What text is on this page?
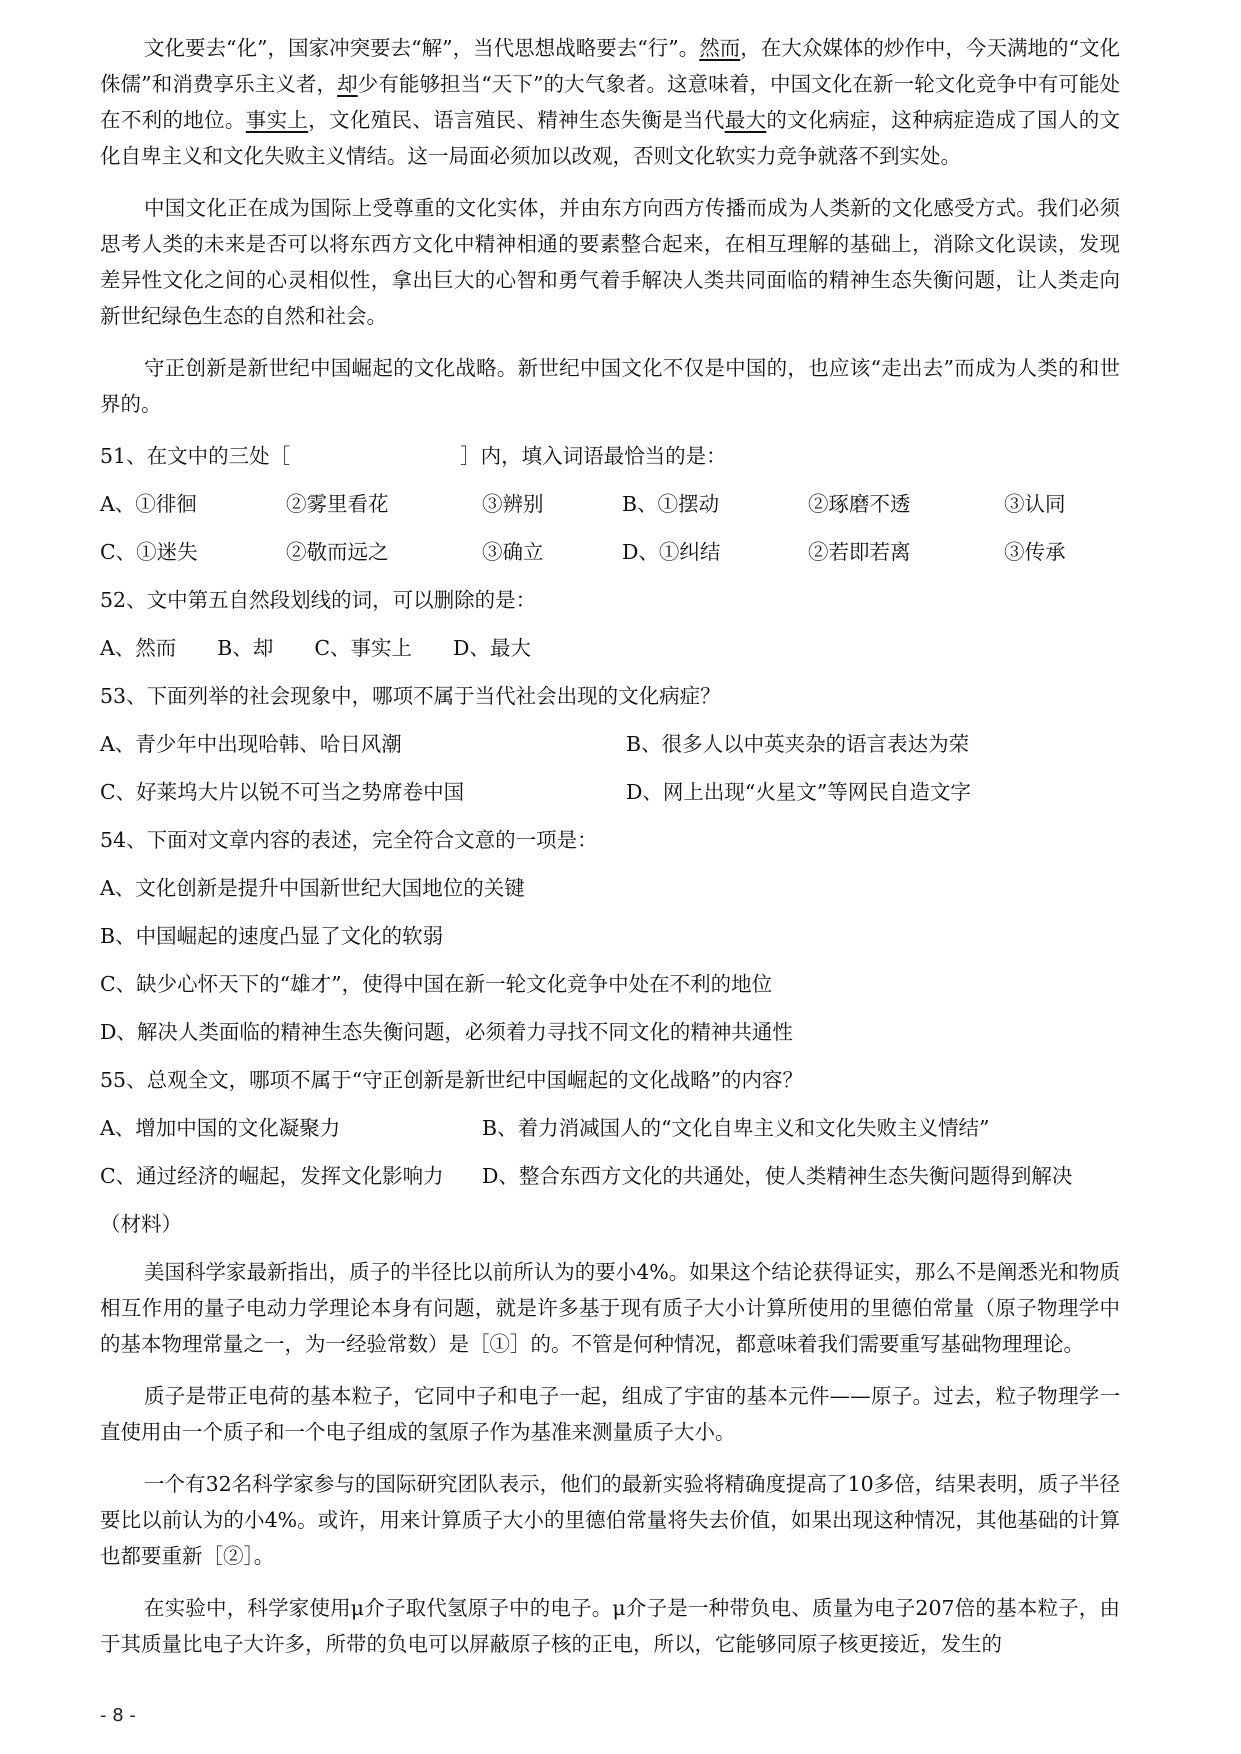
文化要去“化”，国家冲突要去“解”，当代思想战略要去“行”。然而，在大众媒体的炒作中，今天满地的“文化侏儒”和消费享乐主义者，却少有能够担当“天下”的大气象者。这意味着，中国文化在新一轮文化竞争中有可能处在不利的地位。事实上，文化殖民、语言殖民、精神生态失衡是当代最大的文化病症，这种病症造成了国人的文化自卑主义和文化失败主义情结。这一局面必须加以改观，否则文化软实力竞争就落不到实处。

中国文化正在成为国际上受尊重的文化实体，并由东方向西方传播而成为人类新的文化感受方式。我们必须思考人类的未来是否可以将东西方文化中精神相通的要素整合起来，在相互理解的基础上，消除文化误读，发现差异性文化之间的心灵相似性，拿出巨大的心智和勇气着手解决人类共同面临的精神生态失衡问题，让人类走向新世纪绿色生态的自然和社会。

守正创新是新世纪中国崛起的文化战略。新世纪中国文化不仅是中国的，也应该“走出去”而成为人类的和世界的。

51、在文中的三处［	］内，填入词语最恰当的是：
A、①徘徊	②雾里看花	③辨别	B、①摆动	②琢磨不透	③认同
C、①迷失	②敬而远之	③确立	D、①纠结	②若即若离	③传承
52、文中第五自然段划线的词，可以删除的是：
A、然而　　B、却　　C、事实上　　D、最大
53、下面列举的社会现象中，哪项不属于当代社会出现的文化病症？
A、青少年中出现哈韩、哈日风潮	B、很多人以中英夹杂的语言表达为荣
C、好莱坞大片以锐不可当之势席卷中国	D、网上出现“火星文”等网民自造文字
54、下面对文章内容的表述，完全符合文意的一项是：
A、文化创新是提升中国新世纪大国地位的关键
B、中国崛起的速度凸显了文化的软弱
C、缺少心怀天下的“雄才”，使得中国在新一轮文化竞争中处在不利的地位
D、解决人类面临的精神生态失衡问题，必须着力寻找不同文化的精神共通性
55、总观全文，哪项不属于“守正创新是新世纪中国崛起的文化战略”的内容？
A、增加中国的文化凝聚力	B、着力消减国人的“文化自卑主义和文化失败主义情结”
C、通过经济的崛起，发挥文化影响力	D、整合东西方文化的共通处，使人类精神生态失衡问题得到解决
（材料）

美国科学家最新指出，质子的半径比以前所认为的要小4%。如果这个结论获得证实，那么不是阐悉光和物质相互作用的量子电动力学理论本身有问题，就是许多基于现有质子大小计算所使用的里德伯常量（原子物理学中的基本物理常量之一，为一经验常数）是［①］的。不管是何种情况，都意味着我们需要重写基础物理理论。

质子是带正电荷的基本粒子，它同中子和电子一起，组成了宇宙的基本元件——原子。过去，粒子物理学一直使用由一个质子和一个电子组成的氢原子作为基准来测量质子大小。

一个有32名科学家参与的国际研究团队表示，他们的最新实验将精确度提高了10多倍，结果表明，质子半径要比以前认为的小4%。或许，用来计算质子大小的里德伯常量将失去价值，如果出现这种情况，其他基础的计算也都要重新［②］。

在实验中，科学家使用μ介子取代氢原子中的电子。μ介子是一种带负电、质量为电子207倍的基本粒子，由于其质量比电子大许多，所带的负电可以屏蔽原子核的正电，所以，它能够同原子核更接近，发生的

- 8 -
